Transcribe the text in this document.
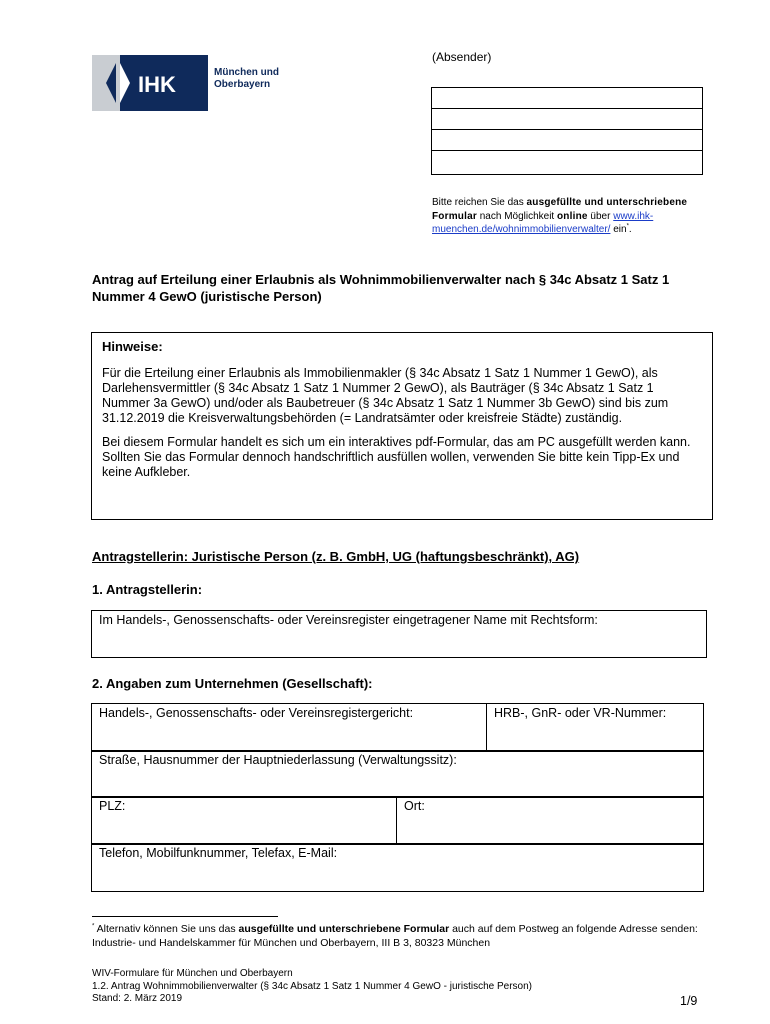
IHK	München und
Oberbayern
(Absender)
Bitte reichen Sie das ausgefüllte und unterschriebene Formular nach Möglichkeit online über www.ihk-muenchen.de/wohnimmobilienverwalter/ ein*.
Antrag auf Erteilung einer Erlaubnis als Wohnimmobilienverwalter nach § 34c Absatz 1 Satz 1 Nummer 4 GewO (juristische Person)

Hinweise:

Für die Erteilung einer Erlaubnis als Immobilienmakler (§ 34c Absatz 1 Satz 1 Nummer 1 GewO), als Darlehensvermittler (§ 34c Absatz 1 Satz 1 Nummer 2 GewO), als Bauträger (§ 34c Absatz 1 Satz 1 Nummer 3a GewO) und/oder als Baubetreuer (§ 34c Absatz 1 Satz 1 Nummer 3b GewO) sind bis zum 31.12.2019 die Kreisverwaltungsbehörden (= Landratsämter oder kreisfreie Städte) zuständig.

Bei diesem Formular handelt es sich um ein interaktives pdf-Formular, das am PC ausgefüllt werden kann. Sollten Sie das Formular dennoch handschriftlich ausfüllen wollen, verwenden Sie bitte kein Tipp-Ex und keine Aufkleber.

Antragstellerin: Juristische Person (z. B. GmbH, UG (haftungsbeschränkt), AG)
1. Antragstellerin:
Im Handels-, Genossenschafts- oder Vereinsregister eingetragener Name mit Rechtsform:
2. Angaben zum Unternehmen (Gesellschaft):
Handels-, Genossenschafts- oder Vereinsregistergericht:	HRB-, GnR- oder VR-Nummer:
Straße, Hausnummer der Hauptniederlassung (Verwaltungssitz):
PLZ:	Ort:
Telefon, Mobilfunknummer, Telefax, E-Mail:
* Alternativ können Sie uns das ausgefüllte und unterschriebene Formular auch auf dem Postweg an folgende Adresse senden: Industrie- und Handelskammer für München und Oberbayern, III B 3, 80323 München
WIV-Formulare für München und Oberbayern
1.2. Antrag Wohnimmobilienverwalter (§ 34c Absatz 1 Satz 1 Nummer 4 GewO - juristische Person)
Stand: 2. März 2019	1/9
